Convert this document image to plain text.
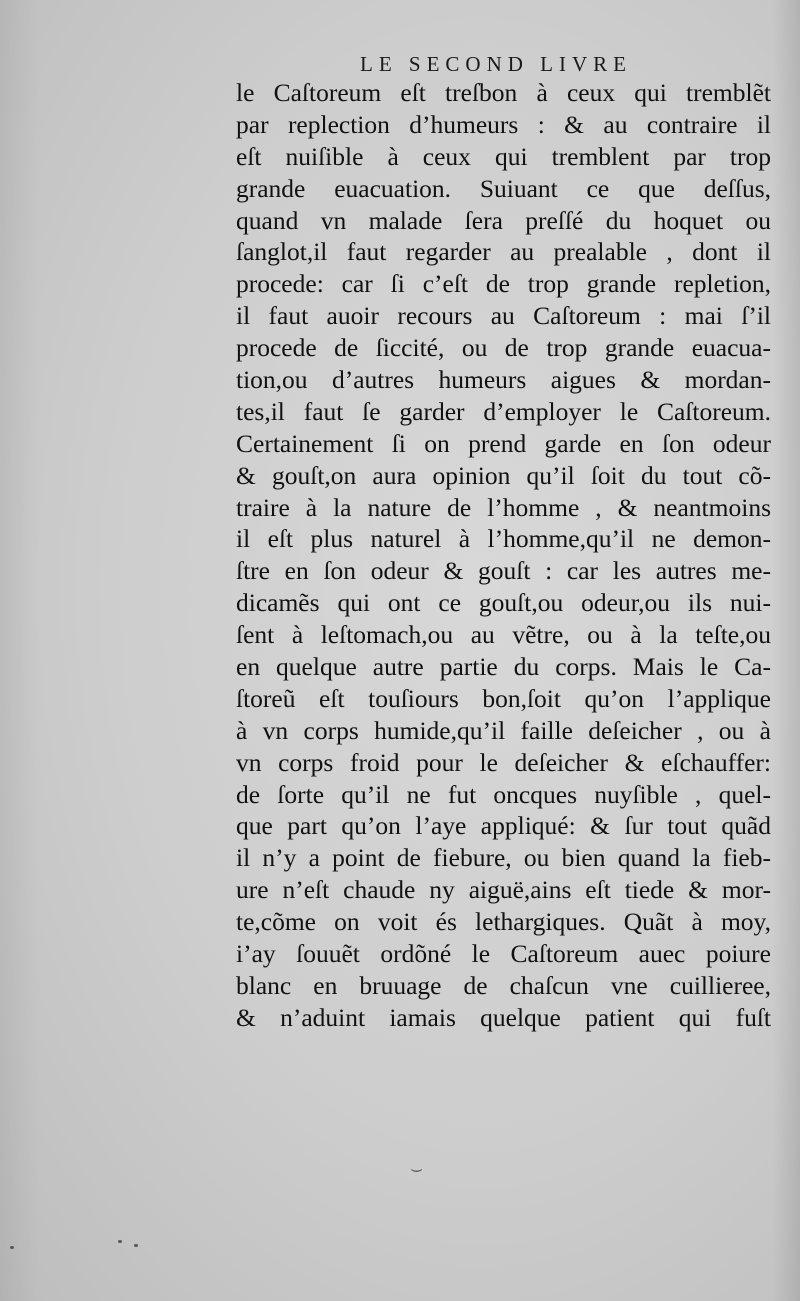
LE SECOND LIVRE
le Caſtoreum eſt treſbon à ceux qui tremblẽt
par replection d’humeurs : & au contraire il
eſt nuiſible à ceux qui tremblent par trop
grande euacuation. Suiuant ce que deſſus,
quand vn malade ſera preſſé du hoquet ou
ſanglot,il faut regarder au prealable , dont il
procede: car ſi c’eſt de trop grande repletion,
il faut auoir recours au Caſtoreum : mai ſ’il
procede de ſiccité, ou de trop grande euacua-
tion,ou d’autres humeurs aigues & mordan-
tes,il faut ſe garder d’employer le Caſtoreum.
Certainement ſi on prend garde en ſon odeur
& gouſt,on aura opinion qu’il ſoit du tout cõ-
traire à la nature de l’homme , & neantmoins
il eſt plus naturel à l’homme,qu’il ne demon-
ſtre en ſon odeur & gouſt : car les autres me-
dicamẽs qui ont ce gouſt,ou odeur,ou ils nui-
ſent à leſtomach,ou au vẽtre, ou à la teſte,ou
en quelque autre partie du corps. Mais le Ca-
ſtoreũ eſt touſiours bon,ſoit qu’on l’applique
à vn corps humide,qu’il faille deſeicher , ou à
vn corps froid pour le deſeicher & eſchauffer:
de ſorte qu’il ne fut oncques nuyſible , quel-
que part qu’on l’aye appliqué: & ſur tout quãd
il n’y a point de fiebure, ou bien quand la fieb-
ure n’eſt chaude ny aiguë,ains eſt tiede & mor-
te,cõme on voit és lethargiques. Quãt à moy,
i’ay ſouuẽt ordõné le Caſtoreum auec poiure
blanc en bruuage de chaſcun vne cuillieree,
& n’aduint iamais quelque patient qui fuſt
⌣
